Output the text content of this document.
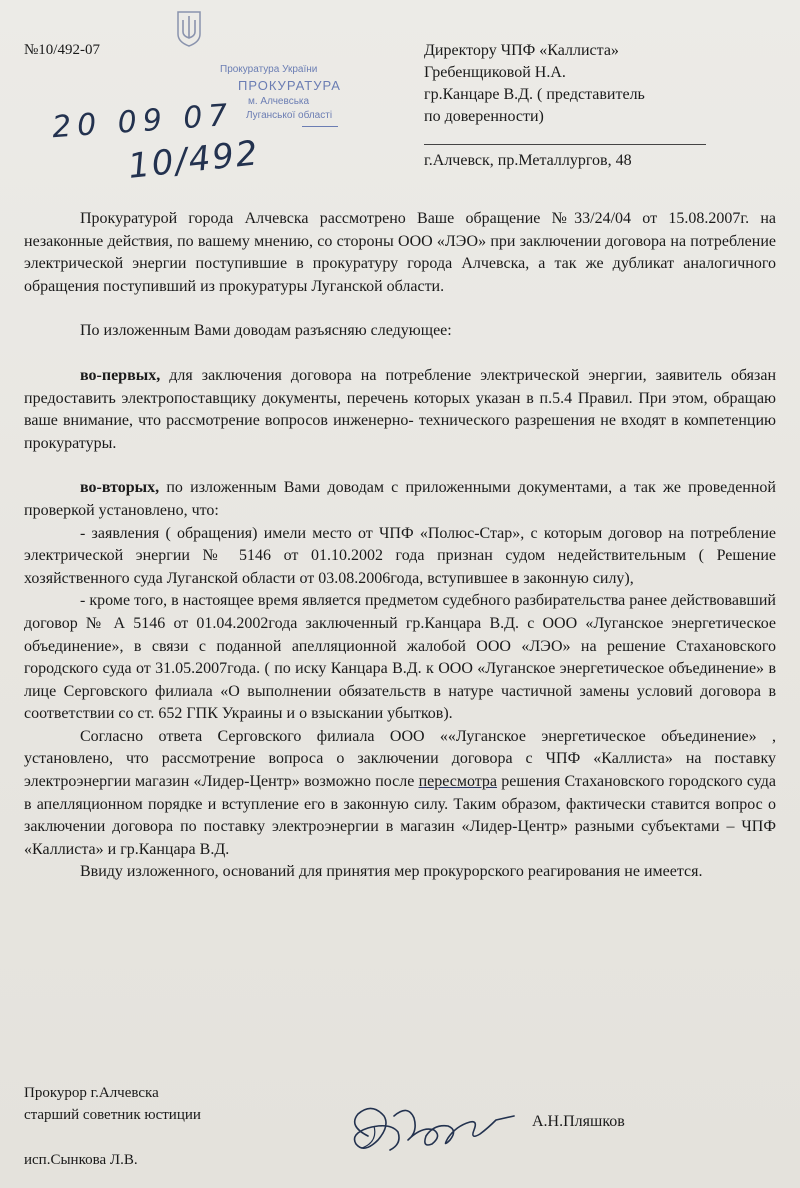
№10/492-07
Прокуратура України
ПРОКУРАТУРА
м. Алчевська
Луганської області
20 09 07
10/492
Директору ЧПФ «Каллиста»
Гребенщиковой Н.А.
гр.Канцаре В.Д. ( представитель
по доверенности)
г.Алчевск, пр.Металлургов, 48

Прокуратурой города Алчевска рассмотрено Ваше обращение №33/24/04 от 15.08.2007г. на незаконные действия, по вашему мнению, со стороны ООО «ЛЭО» при заключении договора на потребление электрической энергии поступившие в прокуратуру города Алчевска, а так же дубликат аналогичного обращения поступивший из прокуратуры Луганской области.

По изложенным Вами доводам разъясняю следующее:

во-первых, для заключения договора на потребление электрической энергии, заявитель обязан предоставить электропоставщику документы, перечень которых указан в п.5.4 Правил. При этом, обращаю ваше внимание, что рассмотрение вопросов инженерно- технического разрешения не входят в компетенцию прокуратуры.

во-вторых, по изложенным Вами доводам с приложенными документами, а так же проведенной проверкой установлено, что:

- заявления ( обращения) имели место от ЧПФ «Полюс-Стар», с которым договор на потребление электрической энергии № 5146 от 01.10.2002 года признан судом недействительным ( Решение хозяйственного суда Луганской области от 03.08.2006года, вступившее в законную силу),

- кроме того, в настоящее время является предметом судебного разбирательства ранее действовавший договор № А 5146 от 01.04.2002года заключенный гр.Канцара В.Д. с ООО «Луганское энергетическое объединение», в связи с поданной апелляционной жалобой ООО «ЛЭО» на решение Стахановского городского суда от 31.05.2007года. ( по иску Канцара В.Д. к ООО «Луганское энергетическое объединение» в лице Серговского филиала «О выполнении обязательств в натуре частичной замены условий договора в соответствии со ст. 652 ГПК Украины и о взыскании убытков).

Согласно ответа Серговского филиала ООО ««Луганское энергетическое объединение» , установлено, что рассмотрение вопроса о заключении договора с ЧПФ «Каллиста» на поставку электроэнергии магазин «Лидер-Центр» возможно после пересмотра решения Стахановского городского суда в апелляционном порядке и вступление его в законную силу. Таким образом, фактически ставится вопрос о заключении договора по поставку электроэнергии в магазин «Лидер-Центр» разными субъектами – ЧПФ «Каллиста» и гр.Канцара В.Д.

Ввиду изложенного, оснований для принятия мер прокурорского реагирования не имеется.

Прокурор г.Алчевска
старший советник юстиции	А.Н.Пляшков
исп.Сынкова Л.В.
